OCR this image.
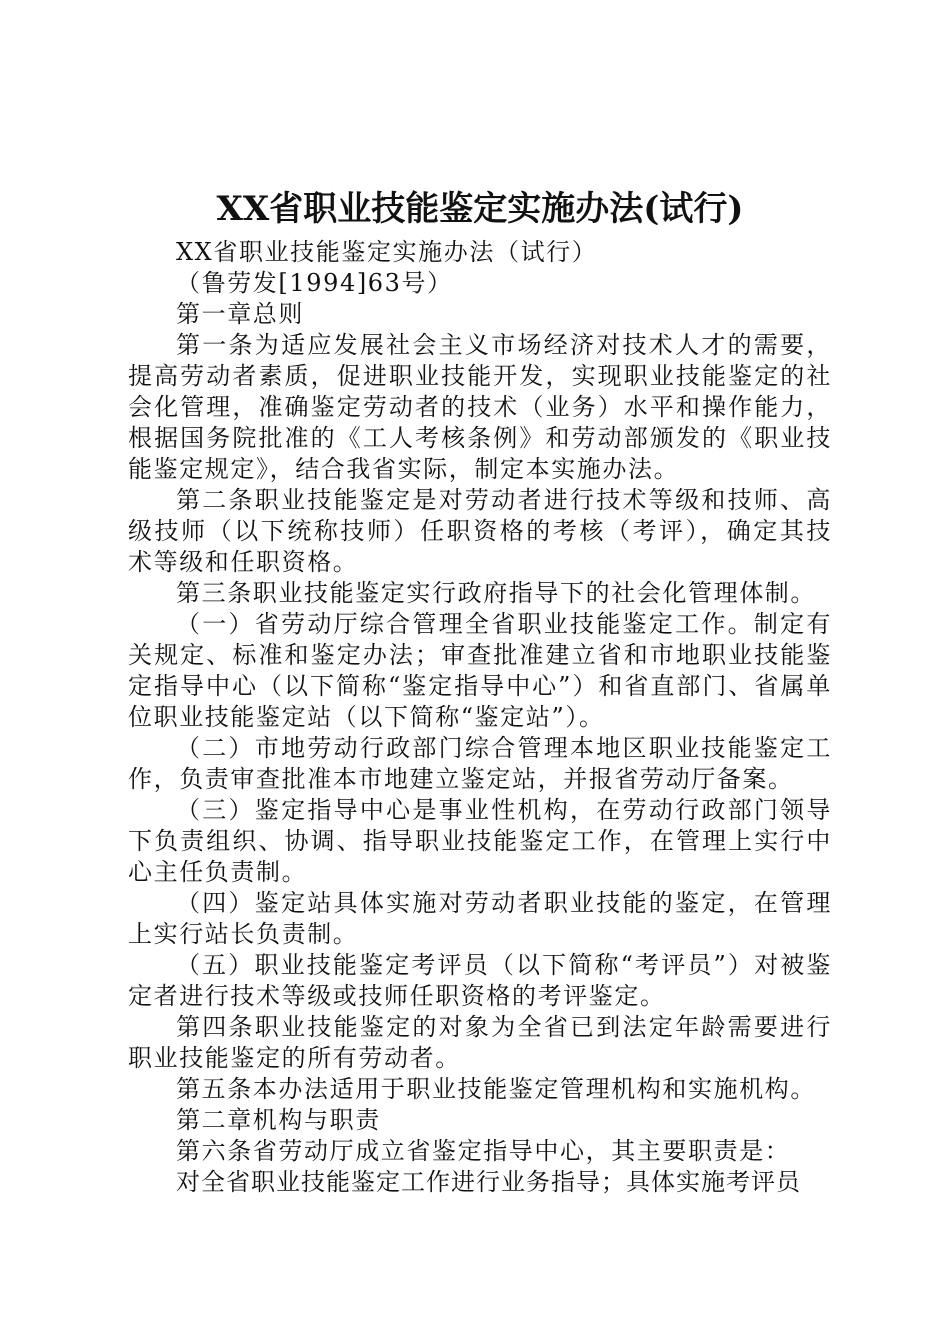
XX省职业技能鉴定实施办法(试行)

XX省职业技能鉴定实施办法（试行）

（鲁劳发[1994]63号）

第一章总则

第一条为适应发展社会主义市场经济对技术人才的需要，提高劳动者素质，促进职业技能开发，实现职业技能鉴定的社会化管理，准确鉴定劳动者的技术（业务）水平和操作能力，根据国务院批准的《工人考核条例》和劳动部颁发的《职业技能鉴定规定》，结合我省实际，制定本实施办法。

第二条职业技能鉴定是对劳动者进行技术等级和技师、高级技师（以下统称技师）任职资格的考核（考评），确定其技术等级和任职资格。

第三条职业技能鉴定实行政府指导下的社会化管理体制。

（一）省劳动厅综合管理全省职业技能鉴定工作。制定有关规定、标准和鉴定办法；审查批准建立省和市地职业技能鉴定指导中心（以下简称“鉴定指导中心”）和省直部门、省属单位职业技能鉴定站（以下简称“鉴定站”）。

（二）市地劳动行政部门综合管理本地区职业技能鉴定工作，负责审查批准本市地建立鉴定站，并报省劳动厅备案。

（三）鉴定指导中心是事业性机构，在劳动行政部门领导下负责组织、协调、指导职业技能鉴定工作，在管理上实行中心主任负责制。

（四）鉴定站具体实施对劳动者职业技能的鉴定，在管理上实行站长负责制。

（五）职业技能鉴定考评员（以下简称“考评员”）对被鉴定者进行技术等级或技师任职资格的考评鉴定。

第四条职业技能鉴定的对象为全省已到法定年龄需要进行职业技能鉴定的所有劳动者。

第五条本办法适用于职业技能鉴定管理机构和实施机构。

第二章机构与职责

第六条省劳动厅成立省鉴定指导中心，其主要职责是：

对全省职业技能鉴定工作进行业务指导；具体实施考评员
